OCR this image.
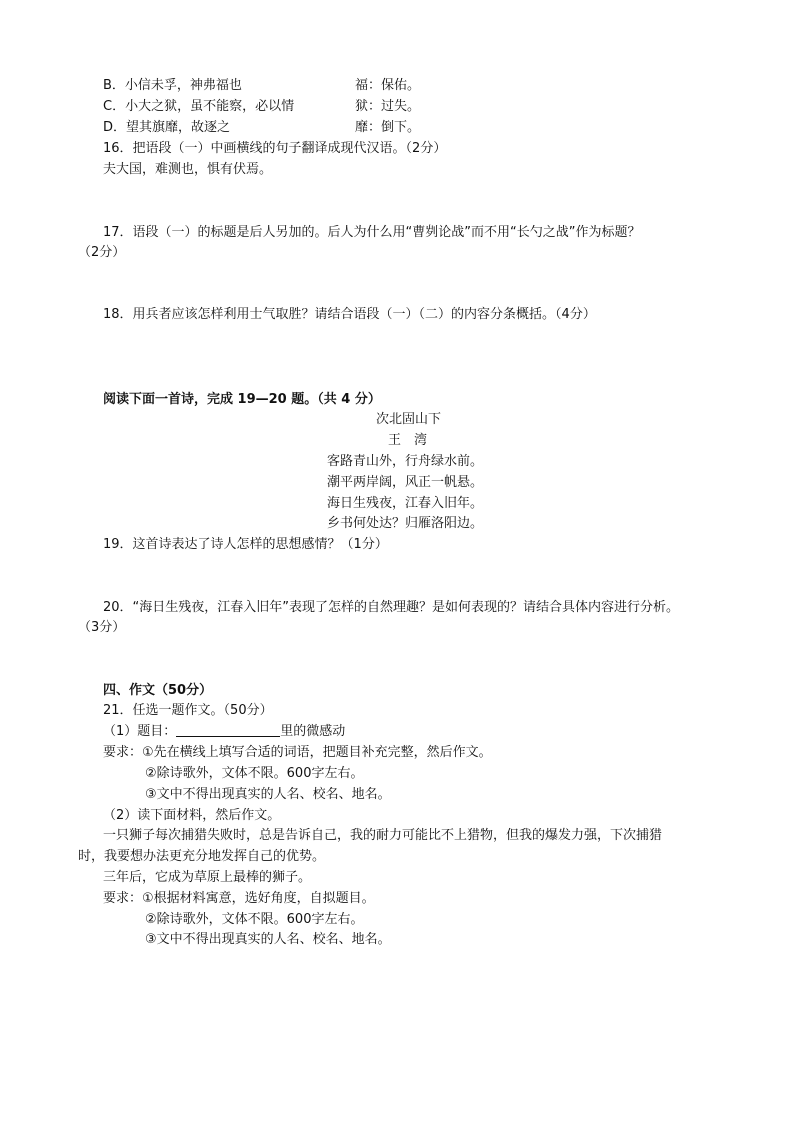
B．小信未孚，神弗福也	福：保佑。
C．小大之狱，虽不能察，必以情	狱：过失。
D．望其旗靡，故逐之	靡：倒下。
16．把语段（一）中画横线的句子翻译成现代汉语。（2分）
夫大国，难测也，惧有伏焉。
17．语段（一）的标题是后人另加的。后人为什么用“曹刿论战”而不用“长勺之战”作为标题？
（2分）
18．用兵者应该怎样利用士气取胜？请结合语段（一）（二）的内容分条概括。（4分）
阅读下面一首诗，完成 19—20 题。（共 4 分）
次北固山下
王　湾
客路青山外，行舟绿水前。
潮平两岸阔，风正一帆悬。
海日生残夜，江春入旧年。
乡书何处达？归雁洛阳边。
19．这首诗表达了诗人怎样的思想感情？（1分）
20．“海日生残夜，江春入旧年”表现了怎样的自然理趣？是如何表现的？请结合具体内容进行分析。
（3分）
四、作文（50分）
21．任选一题作文。（50分）
（1）题目：	里的微感动
要求：①先在横线上填写合适的词语，把题目补充完整，然后作文。
②除诗歌外，文体不限。600字左右。
③文中不得出现真实的人名、校名、地名。
（2）读下面材料，然后作文。
一只狮子每次捕猎失败时，总是告诉自己，我的耐力可能比不上猎物，但我的爆发力强，下次捕猎
时，我要想办法更充分地发挥自己的优势。
三年后，它成为草原上最棒的狮子。
要求：①根据材料寓意，选好角度，自拟题目。
②除诗歌外，文体不限。600字左右。
③文中不得出现真实的人名、校名、地名。
